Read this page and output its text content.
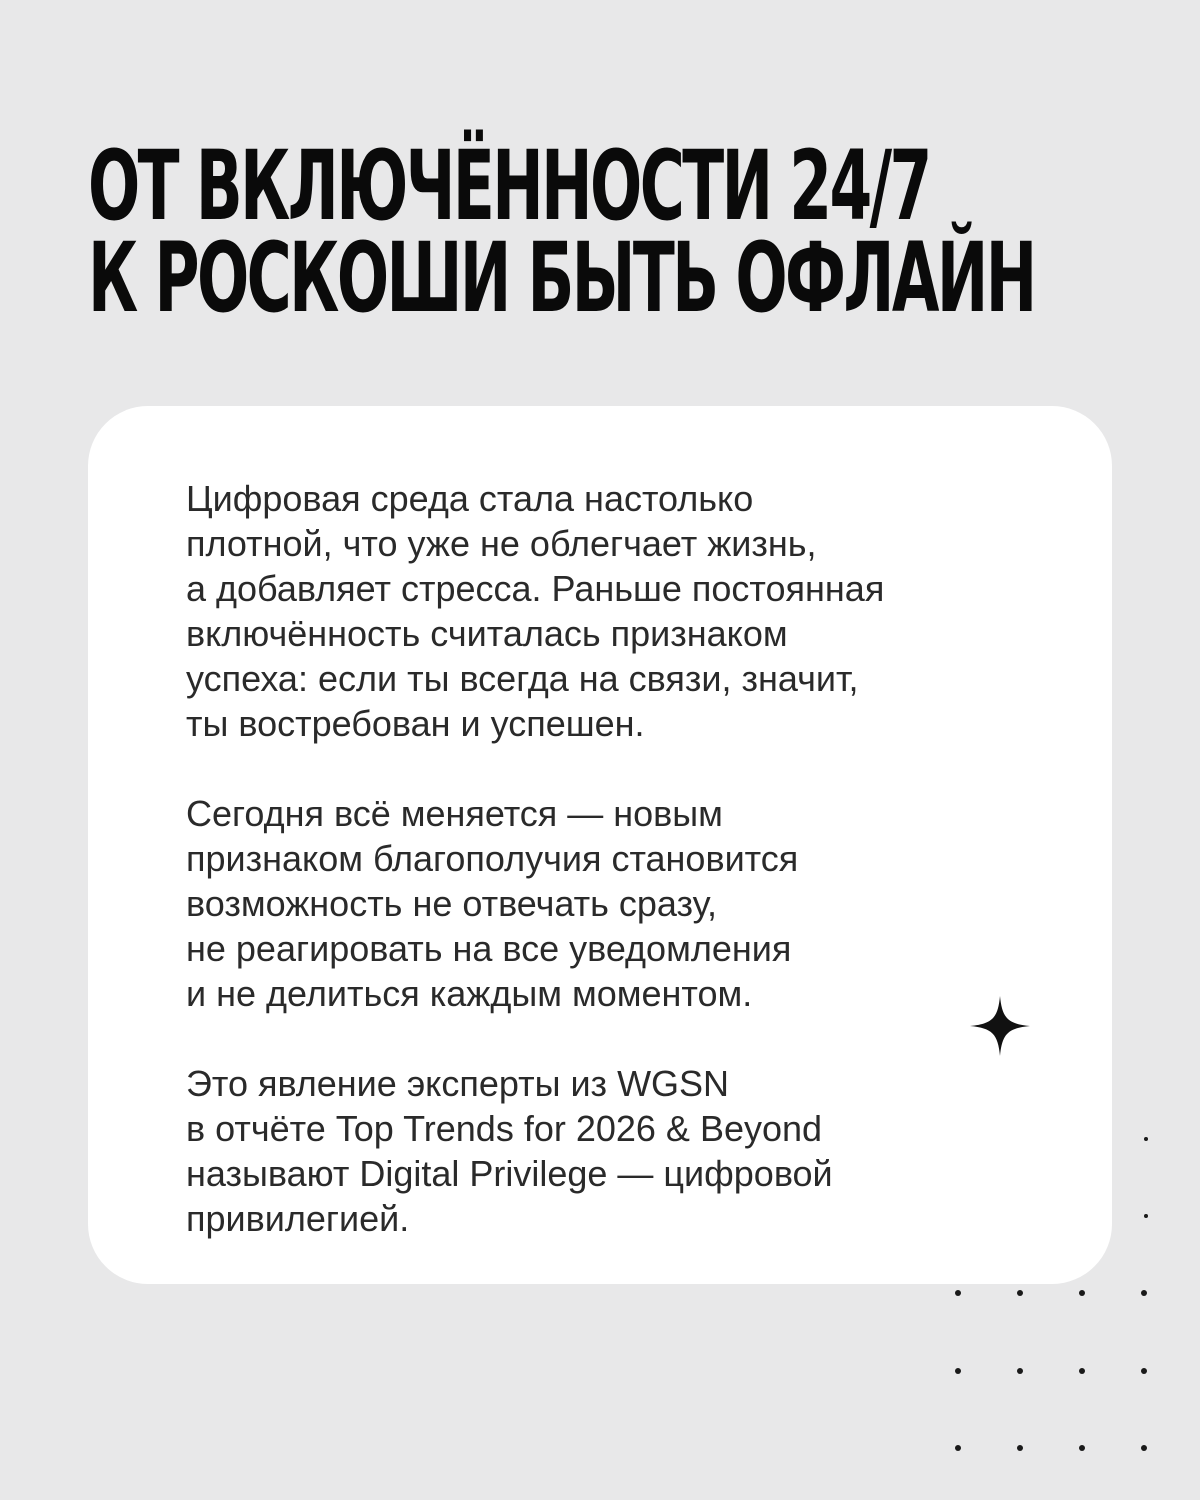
ОТ ВКЛЮЧЁННОСТИ 24/7
К РОСКОШИ БЫТЬ ОФЛАЙН

Цифровая среда стала настолько
плотной, что уже не облегчает жизнь,
а добавляет стресса. Раньше постоянная
включённость считалась признаком
успеха: если ты всегда на связи, значит,
ты востребован и успешен.

Сегодня всё меняется — новым
признаком благополучия становится
возможность не отвечать сразу,
не реагировать на все уведомления
и не делиться каждым моментом.

Это явление эксперты из WGSN
в отчёте Top Trends for 2026 & Beyond
называют Digital Privilege — цифровой
привилегией.
